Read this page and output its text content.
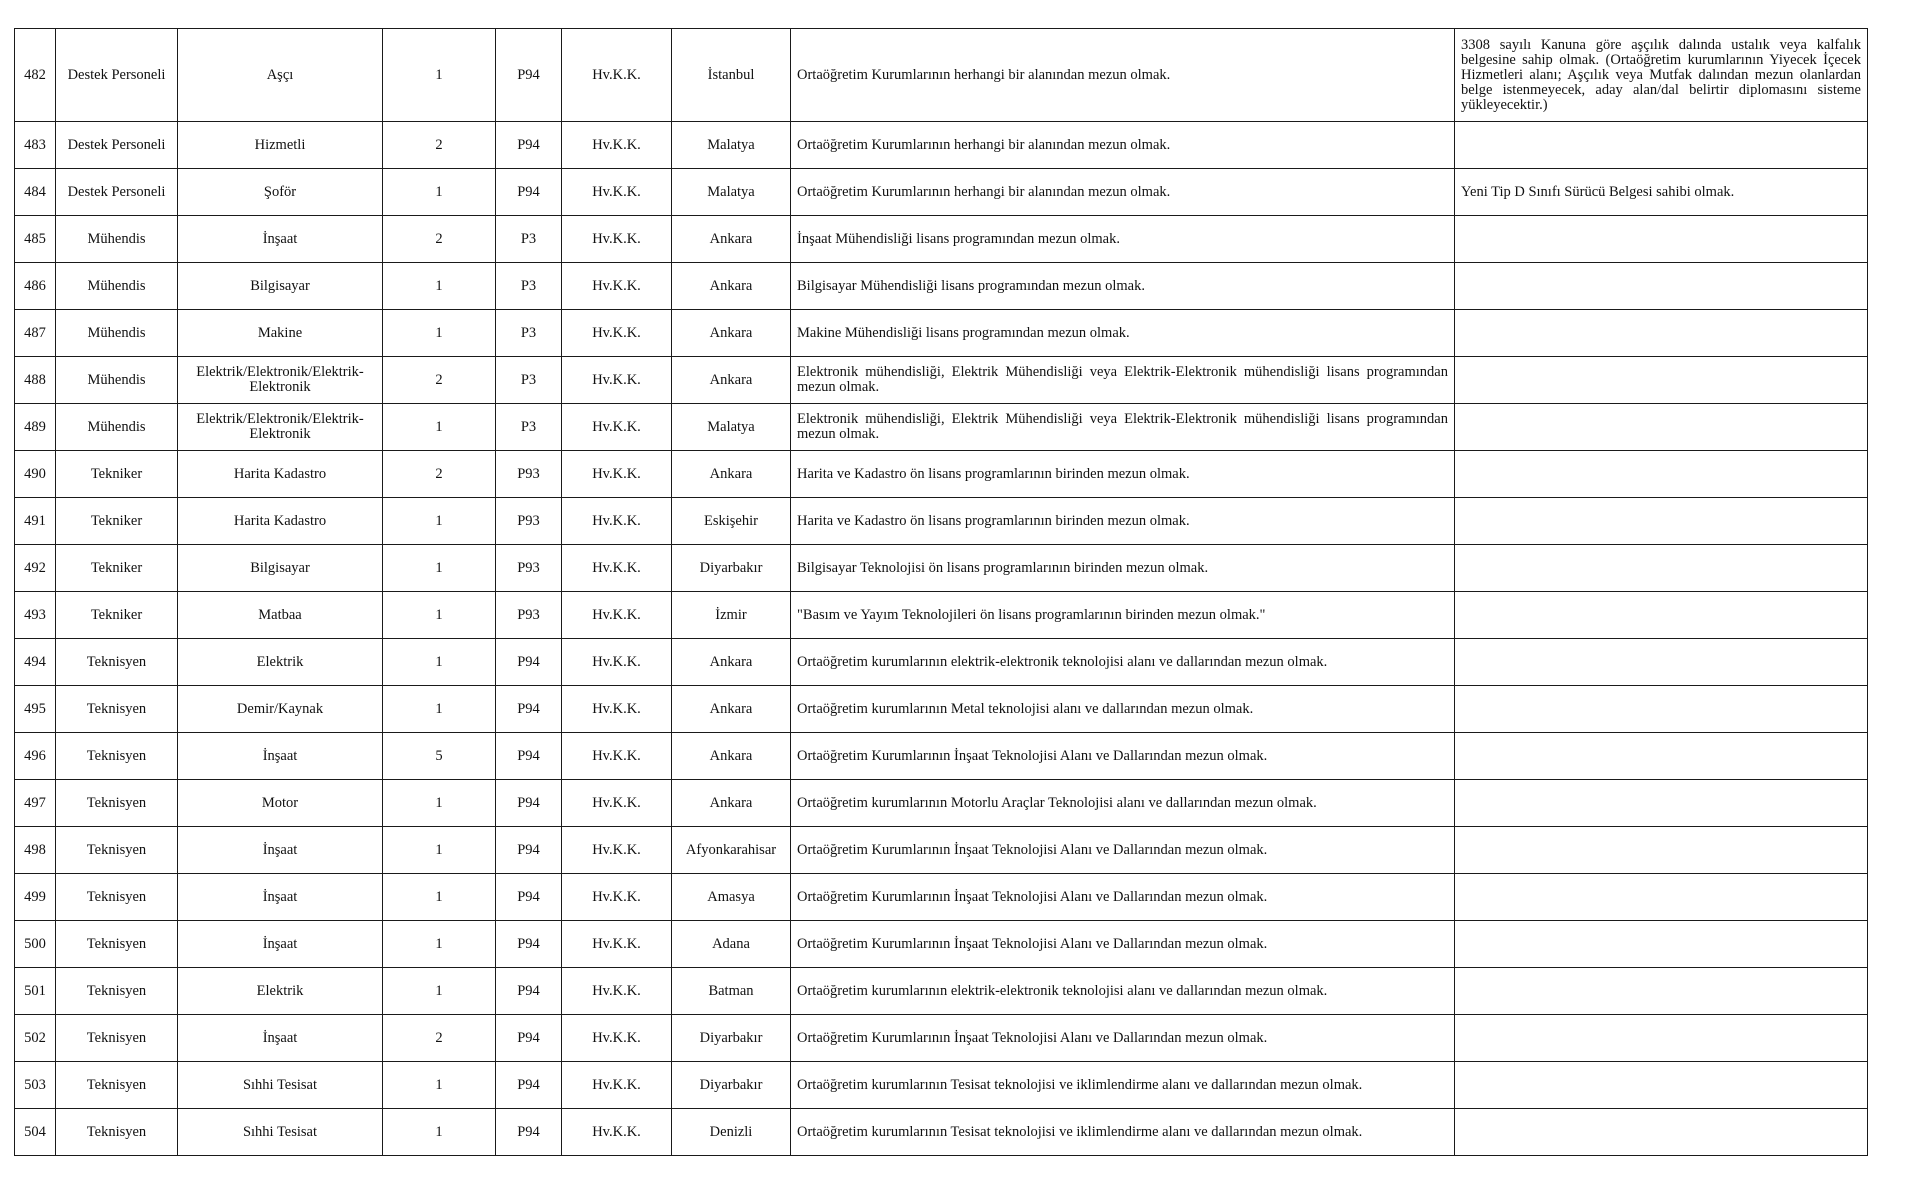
482	Destek Personeli	Aşçı	1	P94	Hv.K.K.	İstanbul	Ortaöğretim Kurumlarının herhangi bir alanından mezun olmak.	3308 sayılı Kanuna göre aşçılık dalında ustalık veya kalfalık belgesine sahip olmak. (Ortaöğretim kurumlarının Yiyecek İçecek Hizmetleri alanı; Aşçılık veya Mutfak dalından mezun olanlardan belge istenmeyecek, aday alan/dal belirtir diplomasını sisteme yükleyecektir.)
483	Destek Personeli	Hizmetli	2	P94	Hv.K.K.	Malatya	Ortaöğretim Kurumlarının herhangi bir alanından mezun olmak.	
484	Destek Personeli	Şoför	1	P94	Hv.K.K.	Malatya	Ortaöğretim Kurumlarının herhangi bir alanından mezun olmak.	Yeni Tip D Sınıfı Sürücü Belgesi sahibi olmak.
485	Mühendis	İnşaat	2	P3	Hv.K.K.	Ankara	İnşaat Mühendisliği lisans programından mezun olmak.	
486	Mühendis	Bilgisayar	1	P3	Hv.K.K.	Ankara	Bilgisayar Mühendisliği lisans programından mezun olmak.	
487	Mühendis	Makine	1	P3	Hv.K.K.	Ankara	Makine Mühendisliği lisans programından mezun olmak.	
488	Mühendis	Elektrik/Elektronik/Elektrik-Elektronik	2	P3	Hv.K.K.	Ankara	Elektronik mühendisliği, Elektrik Mühendisliği veya Elektrik-Elektronik mühendisliği lisans programından mezun olmak.	
489	Mühendis	Elektrik/Elektronik/Elektrik-Elektronik	1	P3	Hv.K.K.	Malatya	Elektronik mühendisliği, Elektrik Mühendisliği veya Elektrik-Elektronik mühendisliği lisans programından mezun olmak.	
490	Tekniker	Harita Kadastro	2	P93	Hv.K.K.	Ankara	Harita ve Kadastro ön lisans programlarının birinden mezun olmak.	
491	Tekniker	Harita Kadastro	1	P93	Hv.K.K.	Eskişehir	Harita ve Kadastro ön lisans programlarının birinden mezun olmak.	
492	Tekniker	Bilgisayar	1	P93	Hv.K.K.	Diyarbakır	Bilgisayar Teknolojisi ön lisans programlarının birinden mezun olmak.	
493	Tekniker	Matbaa	1	P93	Hv.K.K.	İzmir	"Basım ve Yayım Teknolojileri ön lisans programlarının birinden mezun olmak."	
494	Teknisyen	Elektrik	1	P94	Hv.K.K.	Ankara	Ortaöğretim kurumlarının elektrik-elektronik teknolojisi alanı ve dallarından mezun olmak.	
495	Teknisyen	Demir/Kaynak	1	P94	Hv.K.K.	Ankara	Ortaöğretim kurumlarının Metal teknolojisi alanı ve dallarından mezun olmak.	
496	Teknisyen	İnşaat	5	P94	Hv.K.K.	Ankara	Ortaöğretim Kurumlarının İnşaat Teknolojisi Alanı ve Dallarından mezun olmak.	
497	Teknisyen	Motor	1	P94	Hv.K.K.	Ankara	Ortaöğretim kurumlarının Motorlu Araçlar Teknolojisi alanı ve dallarından mezun olmak.	
498	Teknisyen	İnşaat	1	P94	Hv.K.K.	Afyonkarahisar	Ortaöğretim Kurumlarının İnşaat Teknolojisi Alanı ve Dallarından mezun olmak.	
499	Teknisyen	İnşaat	1	P94	Hv.K.K.	Amasya	Ortaöğretim Kurumlarının İnşaat Teknolojisi Alanı ve Dallarından mezun olmak.	
500	Teknisyen	İnşaat	1	P94	Hv.K.K.	Adana	Ortaöğretim Kurumlarının İnşaat Teknolojisi Alanı ve Dallarından mezun olmak.	
501	Teknisyen	Elektrik	1	P94	Hv.K.K.	Batman	Ortaöğretim kurumlarının elektrik-elektronik teknolojisi alanı ve dallarından mezun olmak.	
502	Teknisyen	İnşaat	2	P94	Hv.K.K.	Diyarbakır	Ortaöğretim Kurumlarının İnşaat Teknolojisi Alanı ve Dallarından mezun olmak.	
503	Teknisyen	Sıhhi Tesisat	1	P94	Hv.K.K.	Diyarbakır	Ortaöğretim kurumlarının Tesisat teknolojisi ve iklimlendirme alanı ve dallarından mezun olmak.	
504	Teknisyen	Sıhhi Tesisat	1	P94	Hv.K.K.	Denizli	Ortaöğretim kurumlarının Tesisat teknolojisi ve iklimlendirme alanı ve dallarından mezun olmak.	
